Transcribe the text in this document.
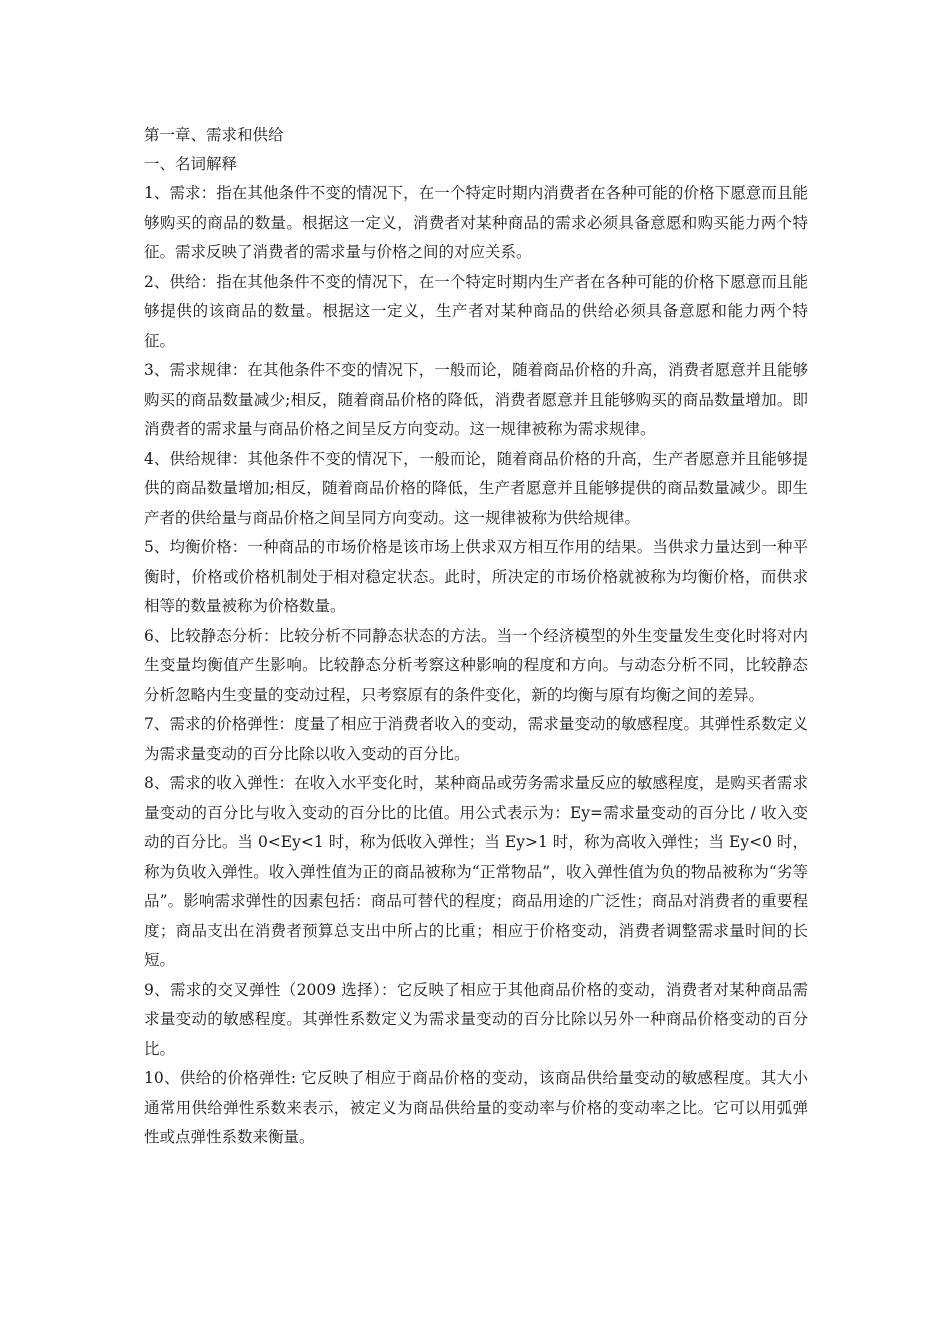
第一章、需求和供给
一、名词解释

1、需求：指在其他条件不变的情况下，在一个特定时期内消费者在各种可能的价格下愿意而且能够购买的商品的数量。根据这一定义，消费者对某种商品的需求必须具备意愿和购买能力两个特征。需求反映了消费者的需求量与价格之间的对应关系。

2、供给：指在其他条件不变的情况下，在一个特定时期内生产者在各种可能的价格下愿意而且能够提供的该商品的数量。根据这一定义，生产者对某种商品的供给必须具备意愿和能力两个特征。

3、需求规律：在其他条件不变的情况下，一般而论，随着商品价格的升高，消费者愿意并且能够购买的商品数量减少;相反，随着商品价格的降低，消费者愿意并且能够购买的商品数量增加。即消费者的需求量与商品价格之间呈反方向变动。这一规律被称为需求规律。

4、供给规律：其他条件不变的情况下，一般而论，随着商品价格的升高，生产者愿意并且能够提供的商品数量增加;相反，随着商品价格的降低，生产者愿意并且能够提供的商品数量减少。即生产者的供给量与商品价格之间呈同方向变动。这一规律被称为供给规律。

5、均衡价格：一种商品的市场价格是该市场上供求双方相互作用的结果。当供求力量达到一种平衡时，价格或价格机制处于相对稳定状态。此时，所决定的市场价格就被称为均衡价格，而供求相等的数量被称为价格数量。

6、比较静态分析：比较分析不同静态状态的方法。当一个经济模型的外生变量发生变化时将对内生变量均衡值产生影响。比较静态分析考察这种影响的程度和方向。与动态分析不同，比较静态分析忽略内生变量的变动过程，只考察原有的条件变化，新的均衡与原有均衡之间的差异。

7、需求的价格弹性：度量了相应于消费者收入的变动，需求量变动的敏感程度。其弹性系数定义为需求量变动的百分比除以收入变动的百分比。

8、需求的收入弹性：在收入水平变化时，某种商品或劳务需求量反应的敏感程度，是购买者需求量变动的百分比与收入变动的百分比的比值。用公式表示为：Ey=需求量变动的百分比 / 收入变动的百分比。当 0<Ey<1 时，称为低收入弹性；当 Ey>1 时，称为高收入弹性；当 Ey<0 时，称为负收入弹性。收入弹性值为正的商品被称为“正常物品”，收入弹性值为负的物品被称为“劣等品”。影响需求弹性的因素包括：商品可替代的程度；商品用途的广泛性；商品对消费者的重要程度；商品支出在消费者预算总支出中所占的比重；相应于价格变动，消费者调整需求量时间的长短。

9、需求的交叉弹性（2009 选择）：它反映了相应于其他商品价格的变动，消费者对某种商品需求量变动的敏感程度。其弹性系数定义为需求量变动的百分比除以另外一种商品价格变动的百分比。

10、供给的价格弹性: 它反映了相应于商品价格的变动，该商品供给量变动的敏感程度。其大小通常用供给弹性系数来表示，被定义为商品供给量的变动率与价格的变动率之比。它可以用弧弹性或点弹性系数来衡量。
